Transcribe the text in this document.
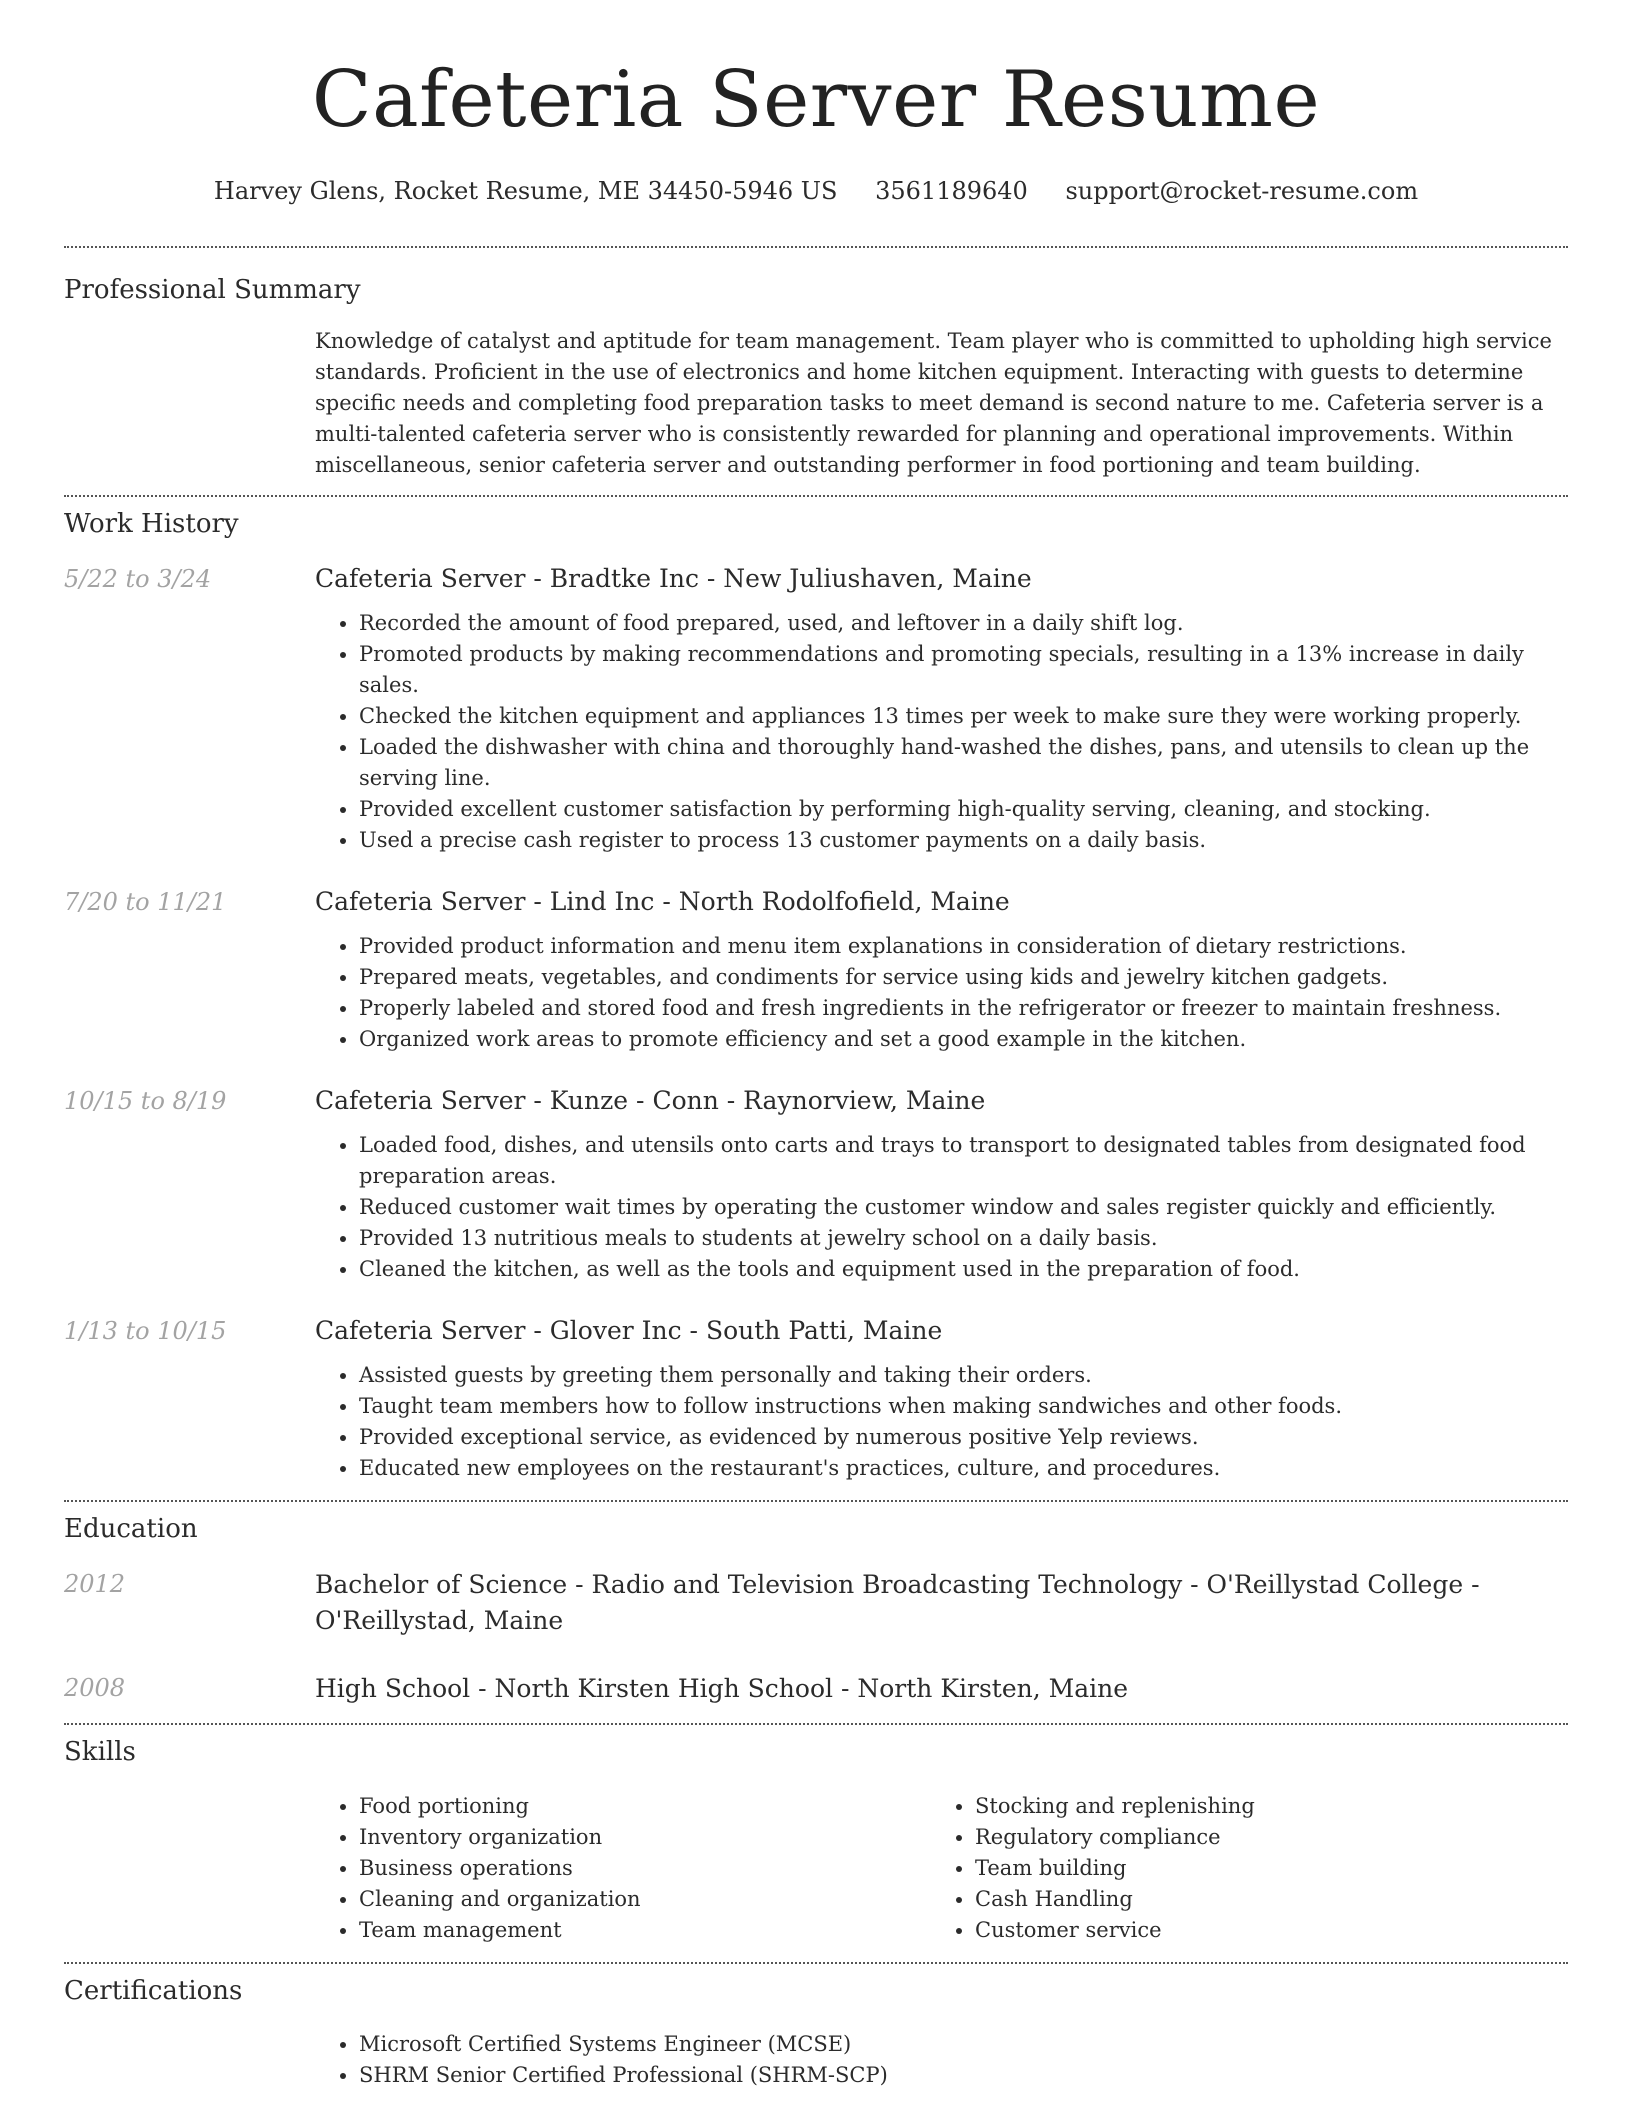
Cafeteria Server Resume
Harvey Glens, Rocket Resume, ME 34450-5946 US 3561189640 support@rocket-resume.com
Professional Summary

Knowledge of catalyst and aptitude for team management. Team player who is committed to upholding high service standards. Proficient in the use of electronics and home kitchen equipment. Interacting with guests to determine specific needs and completing food preparation tasks to meet demand is second nature to me. Cafeteria server is a multi-talented cafeteria server who is consistently rewarded for planning and operational improvements. Within miscellaneous, senior cafeteria server and outstanding performer in food portioning and team building.

Work History
5/22 to 3/24	Cafeteria Server - Bradtke Inc - New Juliushaven, Maine
• Recorded the amount of food prepared, used, and leftover in a daily shift log.
• Promoted products by making recommendations and promoting specials, resulting in a 13% increase in daily sales.
• Checked the kitchen equipment and appliances 13 times per week to make sure they were working properly.
• Loaded the dishwasher with china and thoroughly hand-washed the dishes, pans, and utensils to clean up the serving line.
• Provided excellent customer satisfaction by performing high-quality serving, cleaning, and stocking.
• Used a precise cash register to process 13 customer payments on a daily basis.
7/20 to 11/21	Cafeteria Server - Lind Inc - North Rodolfofield, Maine
• Provided product information and menu item explanations in consideration of dietary restrictions.
• Prepared meats, vegetables, and condiments for service using kids and jewelry kitchen gadgets.
• Properly labeled and stored food and fresh ingredients in the refrigerator or freezer to maintain freshness.
• Organized work areas to promote efficiency and set a good example in the kitchen.
10/15 to 8/19	Cafeteria Server - Kunze - Conn - Raynorview, Maine
• Loaded food, dishes, and utensils onto carts and trays to transport to designated tables from designated food preparation areas.
• Reduced customer wait times by operating the customer window and sales register quickly and efficiently.
• Provided 13 nutritious meals to students at jewelry school on a daily basis.
• Cleaned the kitchen, as well as the tools and equipment used in the preparation of food.
1/13 to 10/15	Cafeteria Server - Glover Inc - South Patti, Maine
• Assisted guests by greeting them personally and taking their orders.
• Taught team members how to follow instructions when making sandwiches and other foods.
• Provided exceptional service, as evidenced by numerous positive Yelp reviews.
• Educated new employees on the restaurant's practices, culture, and procedures.
Education
2012	Bachelor of Science - Radio and Television Broadcasting Technology - O'Reillystad College - O'Reillystad, Maine
2008	High School - North Kirsten High School - North Kirsten, Maine
Skills
• Food portioning
• Inventory organization
• Business operations
• Cleaning and organization
• Team management
• Stocking and replenishing
• Regulatory compliance
• Team building
• Cash Handling
• Customer service
Certifications
• Microsoft Certified Systems Engineer (MCSE)
• SHRM Senior Certified Professional (SHRM-SCP)
